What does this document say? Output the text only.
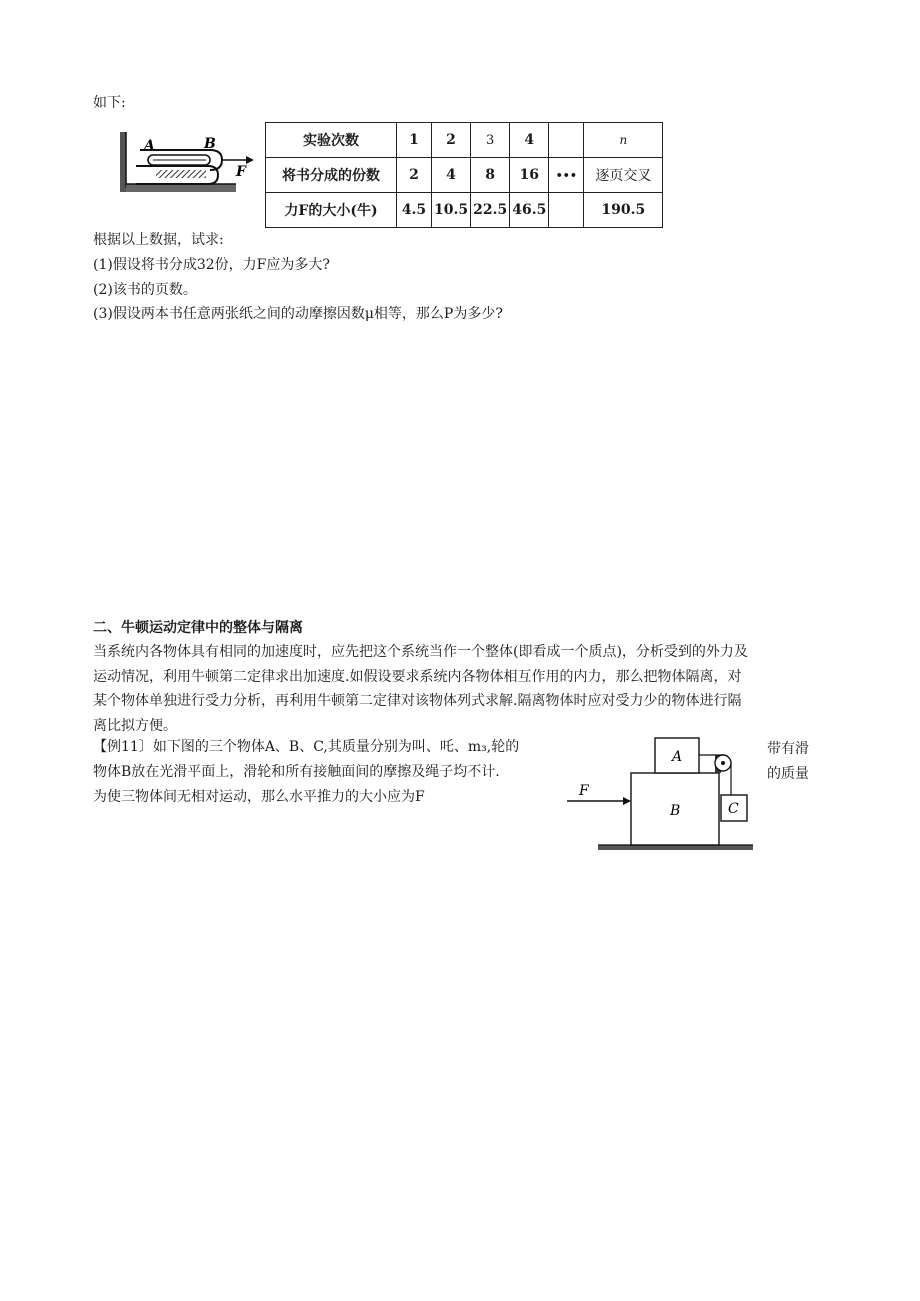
如下:
A	B
F
实验次数	1	2	3	4		n
将书分成的份数	2	4	8	16	•••	逐页交叉
力F的大小(牛)	4.5	10.5	22.5	46.5		190.5
根据以上数据，试求:
(1)假设将书分成32份，力F应为多大?
(2)该书的页数。
(3)假设两本书任意两张纸之间的动摩擦因数μ相等，那么P为多少?
二、牛顿运动定律中的整体与隔离
当系统内各物体具有相同的加速度时，应先把这个系统当作一个整体(即看成一个质点)，分析受到的外力及
运动情况，利用牛顿第二定律求出加速度.如假设要求系统内各物体相互作用的内力，那么把物体隔离，对
某个物体单独进行受力分析，再利用牛顿第二定律对该物体列式求解.隔离物体时应对受力少的物体进行隔
离比拟方便。
【例11〕如下图的三个物体A、B、C,其质量分别为叫、吒、m₃,轮的
物体B放在光滑平面上，滑轮和所有接触面间的摩擦及绳子均不计.
为使三物体间无相对运动，那么水平推力的大小应为F
带有滑
的质量
A
B	C
F
